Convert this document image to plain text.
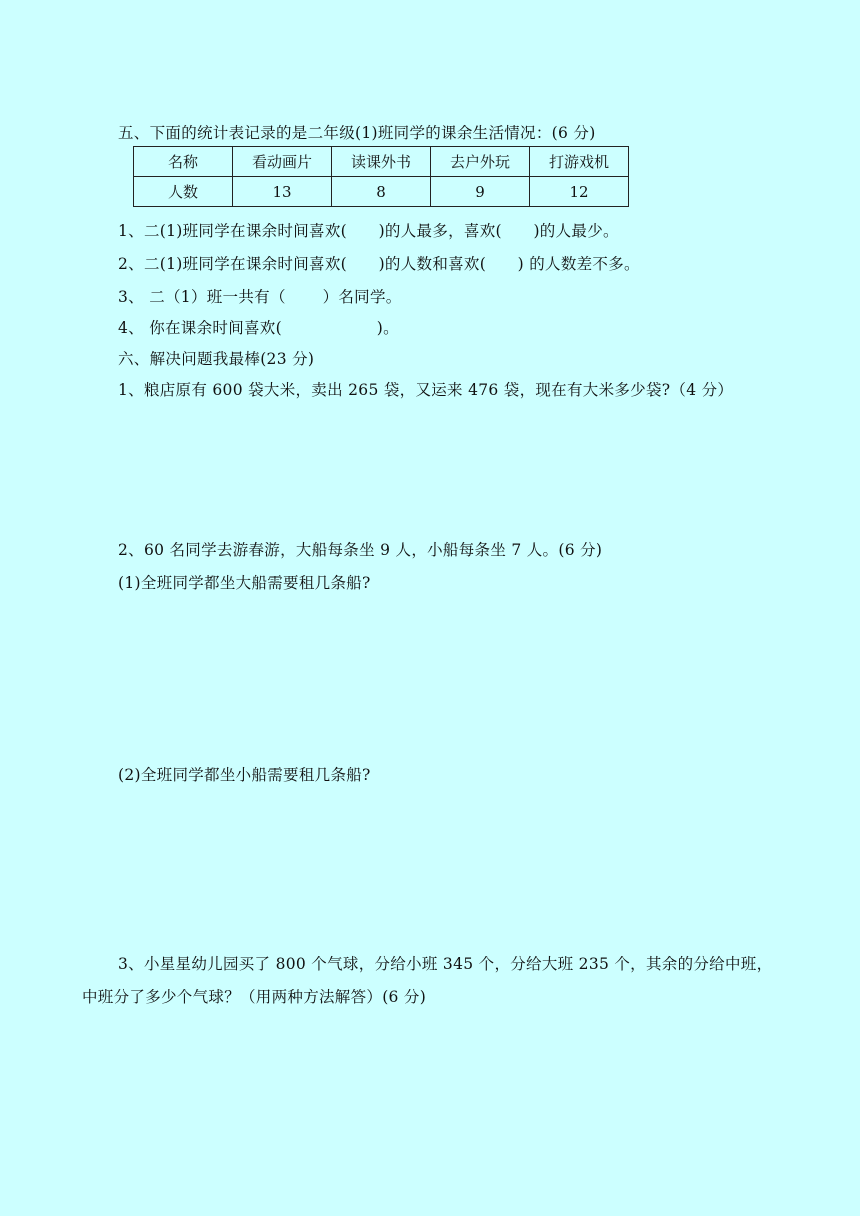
五、下面的统计表记录的是二年级(1)班同学的课余生活情况：(6 分)
名称	看动画片	读课外书	去户外玩	打游戏机
人数	13	8	9	12
1、二(1)班同学在课余时间喜欢(　　)的人最多，喜欢(　　)的人最少。
2、二(1)班同学在课余时间喜欢(　　)的人数和喜欢(　　) 的人数差不多。
3、 二（1）班一共有（　　 ）名同学。
4、 你在课余时间喜欢(　　　　　　)。
六、解决问题我最棒(23 分)
1、粮店原有 600 袋大米，卖出 265 袋，又运来 476 袋，现在有大米多少袋?（4 分）
2、60 名同学去游春游，大船每条坐 9 人，小船每条坐 7 人。(6 分)
(1)全班同学都坐大船需要租几条船?
(2)全班同学都坐小船需要租几条船?
3、小星星幼儿园买了 800 个气球，分给小班 345 个，分给大班 235 个，其余的分给中班，
中班分了多少个气球？（用两种方法解答）(6 分)
